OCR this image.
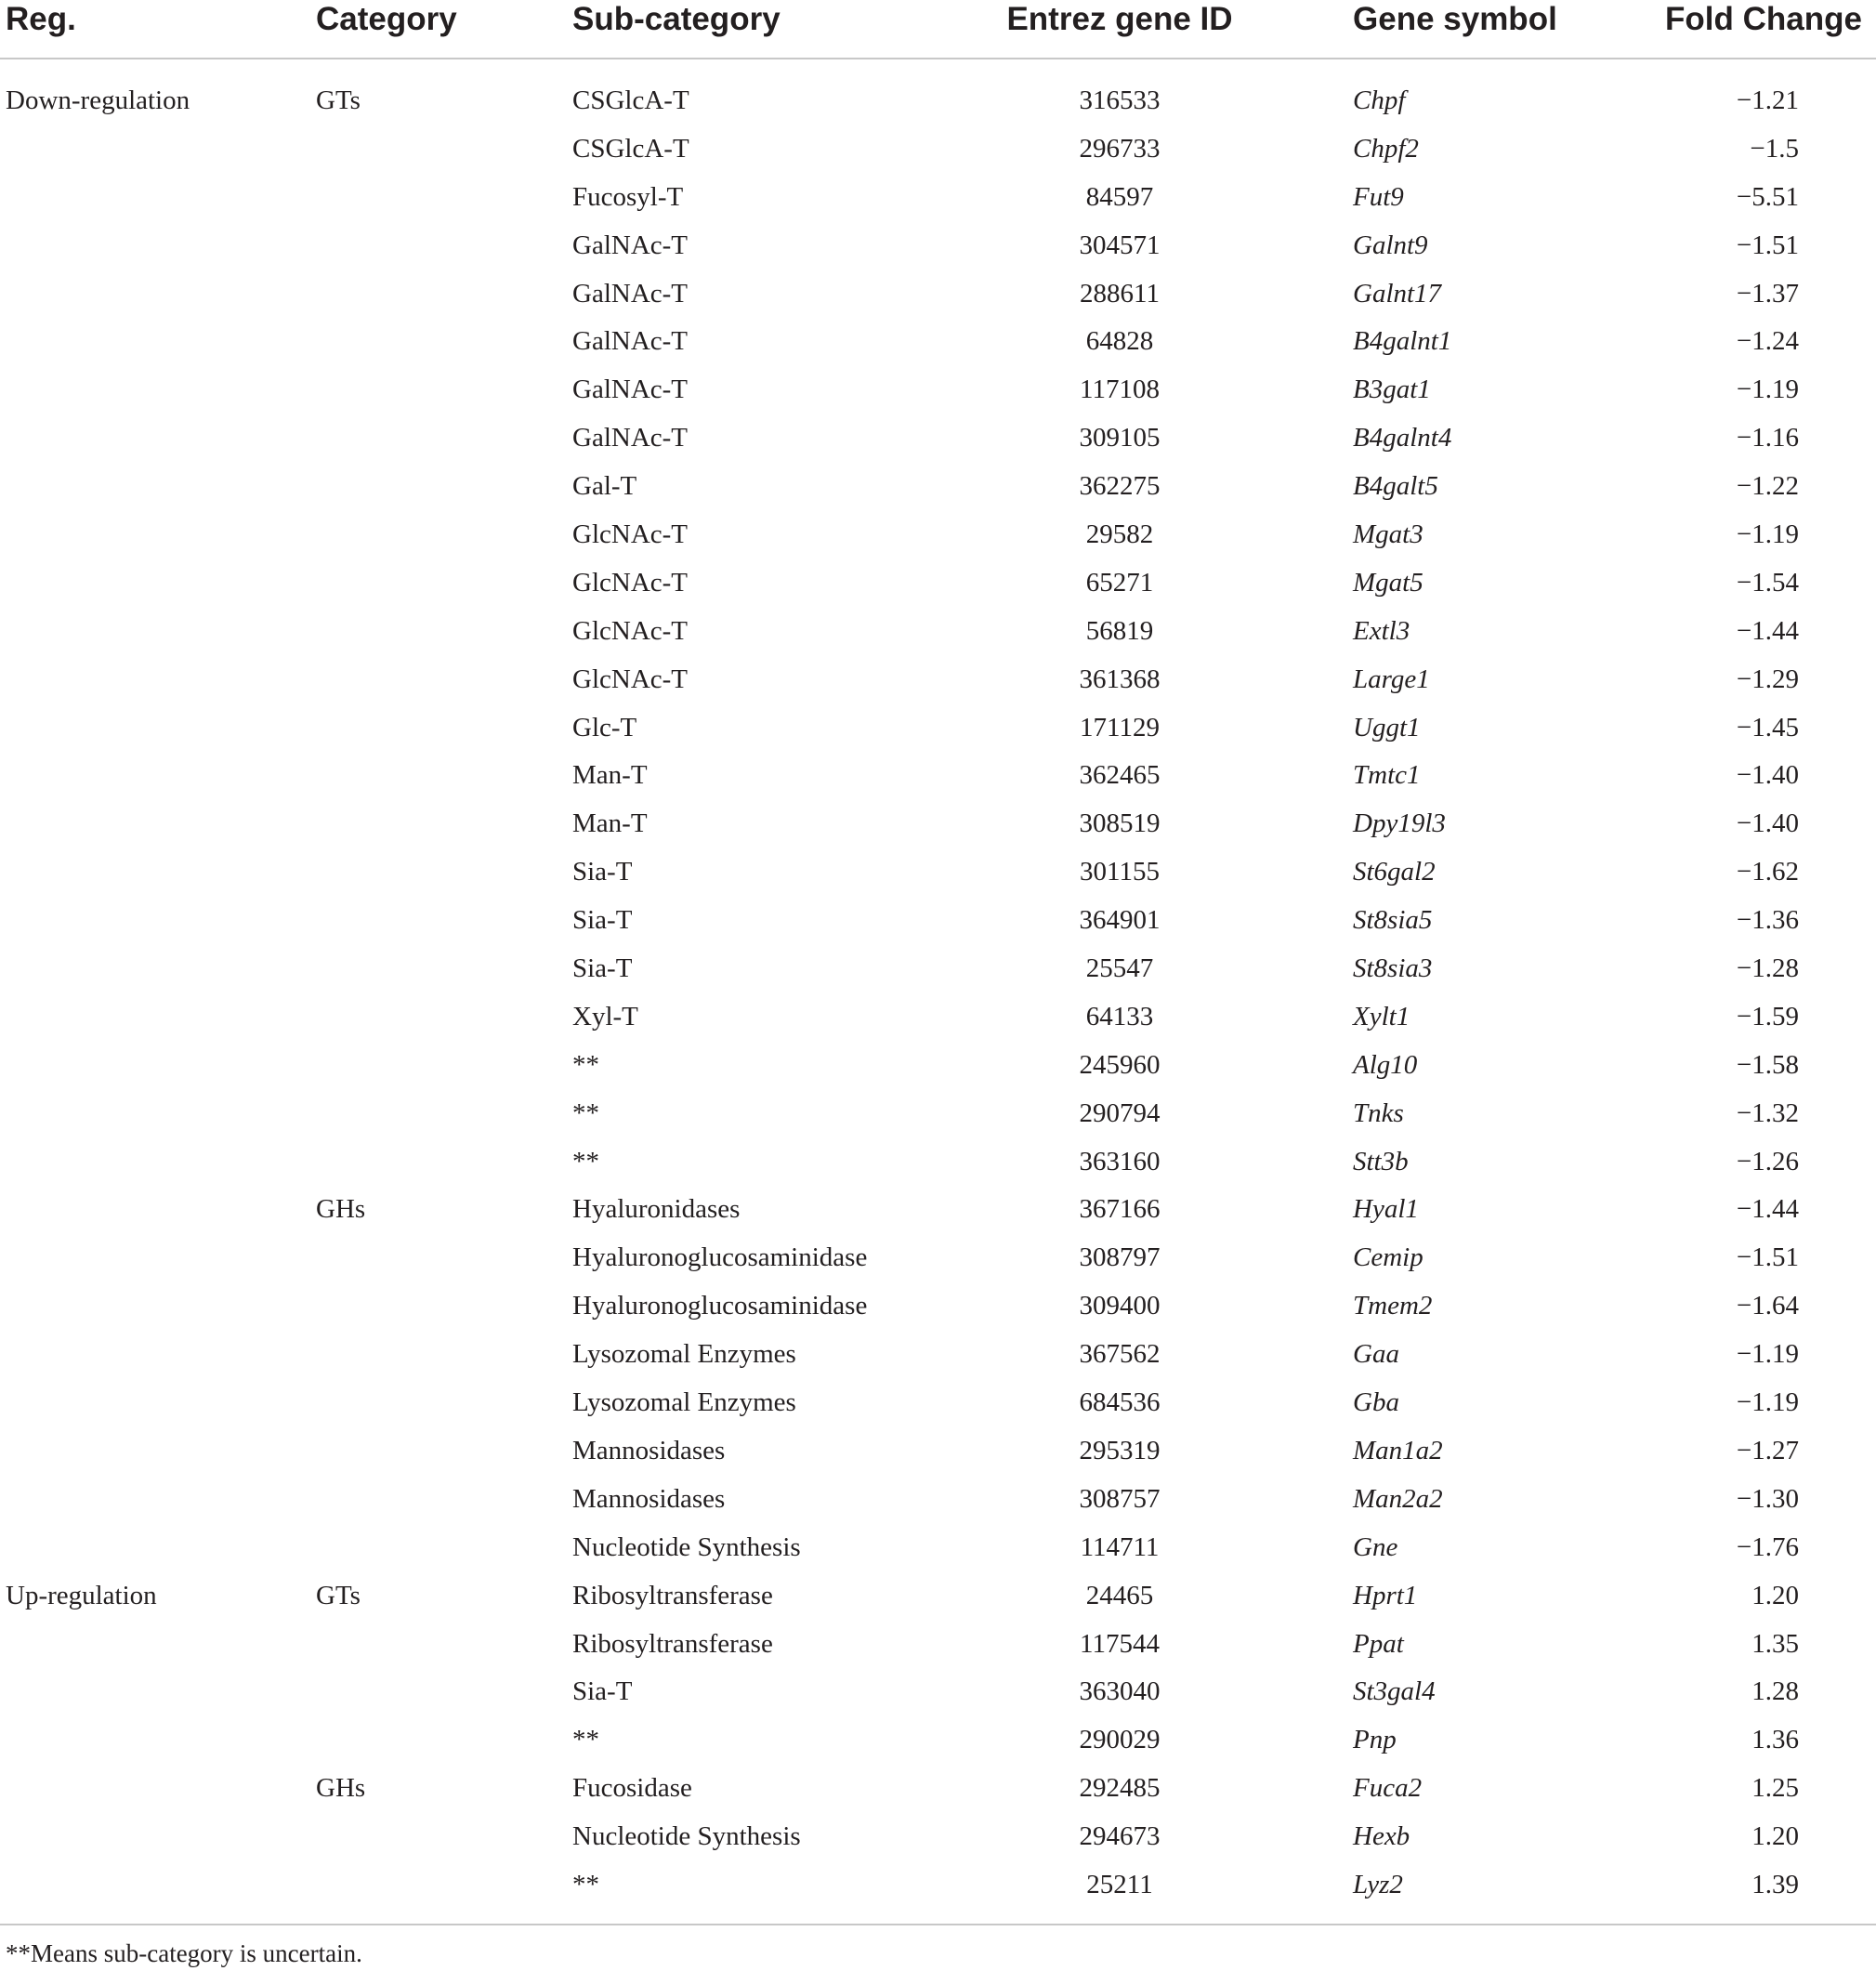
Reg.	Category	Sub-category	Entrez gene ID	Gene symbol	Fold Change
Down-regulation	GTs	CSGlcA-T	316533	Chpf	−1.21
CSGlcA-T	296733	Chpf2	−1.5
Fucosyl-T	84597	Fut9	−5.51
GalNAc-T	304571	Galnt9	−1.51
GalNAc-T	288611	Galnt17	−1.37
GalNAc-T	64828	B4galnt1	−1.24
GalNAc-T	117108	B3gat1	−1.19
GalNAc-T	309105	B4galnt4	−1.16
Gal-T	362275	B4galt5	−1.22
GlcNAc-T	29582	Mgat3	−1.19
GlcNAc-T	65271	Mgat5	−1.54
GlcNAc-T	56819	Extl3	−1.44
GlcNAc-T	361368	Large1	−1.29
Glc-T	171129	Uggt1	−1.45
Man-T	362465	Tmtc1	−1.40
Man-T	308519	Dpy19l3	−1.40
Sia-T	301155	St6gal2	−1.62
Sia-T	364901	St8sia5	−1.36
Sia-T	25547	St8sia3	−1.28
Xyl-T	64133	Xylt1	−1.59
**	245960	Alg10	−1.58
**	290794	Tnks	−1.32
**	363160	Stt3b	−1.26
GHs	Hyaluronidases	367166	Hyal1	−1.44
Hyaluronoglucosaminidase	308797	Cemip	−1.51
Hyaluronoglucosaminidase	309400	Tmem2	−1.64
Lysozomal Enzymes	367562	Gaa	−1.19
Lysozomal Enzymes	684536	Gba	−1.19
Mannosidases	295319	Man1a2	−1.27
Mannosidases	308757	Man2a2	−1.30
Nucleotide Synthesis	114711	Gne	−1.76
Up-regulation	GTs	Ribosyltransferase	24465	Hprt1	1.20
Ribosyltransferase	117544	Ppat	1.35
Sia-T	363040	St3gal4	1.28
**	290029	Pnp	1.36
GHs	Fucosidase	292485	Fuca2	1.25
Nucleotide Synthesis	294673	Hexb	1.20
**	25211	Lyz2	1.39
**Means sub-category is uncertain.
